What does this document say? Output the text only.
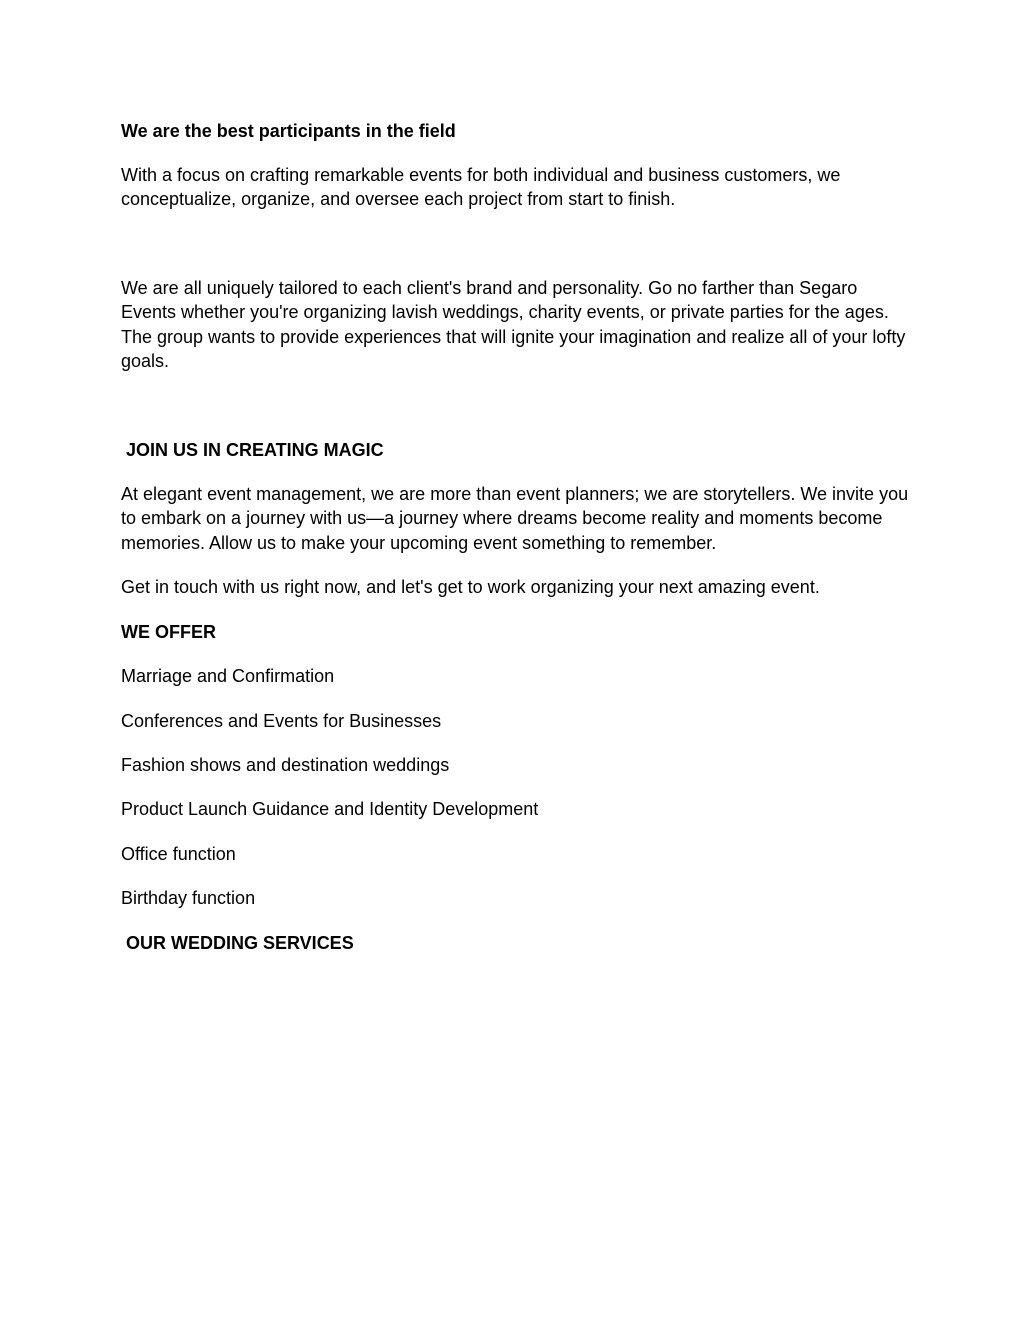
We are the best participants in the field

With a focus on crafting remarkable events for both individual and business customers, we conceptualize, organize, and oversee each project from start to finish.

We are all uniquely tailored to each client's brand and personality. Go no farther than Segaro Events whether you're organizing lavish weddings, charity events, or private parties for the ages. The group wants to provide experiences that will ignite your imagination and realize all of your lofty goals.

JOIN US IN CREATING MAGIC

At elegant event management, we are more than event planners; we are storytellers. We invite you to embark on a journey with us—a journey where dreams become reality and moments become memories. Allow us to make your upcoming event something to remember.

Get in touch with us right now, and let's get to work organizing your next amazing event.

WE OFFER

Marriage and Confirmation

Conferences and Events for Businesses

Fashion shows and destination weddings

Product Launch Guidance and Identity Development

Office function

Birthday function

OUR WEDDING SERVICES
